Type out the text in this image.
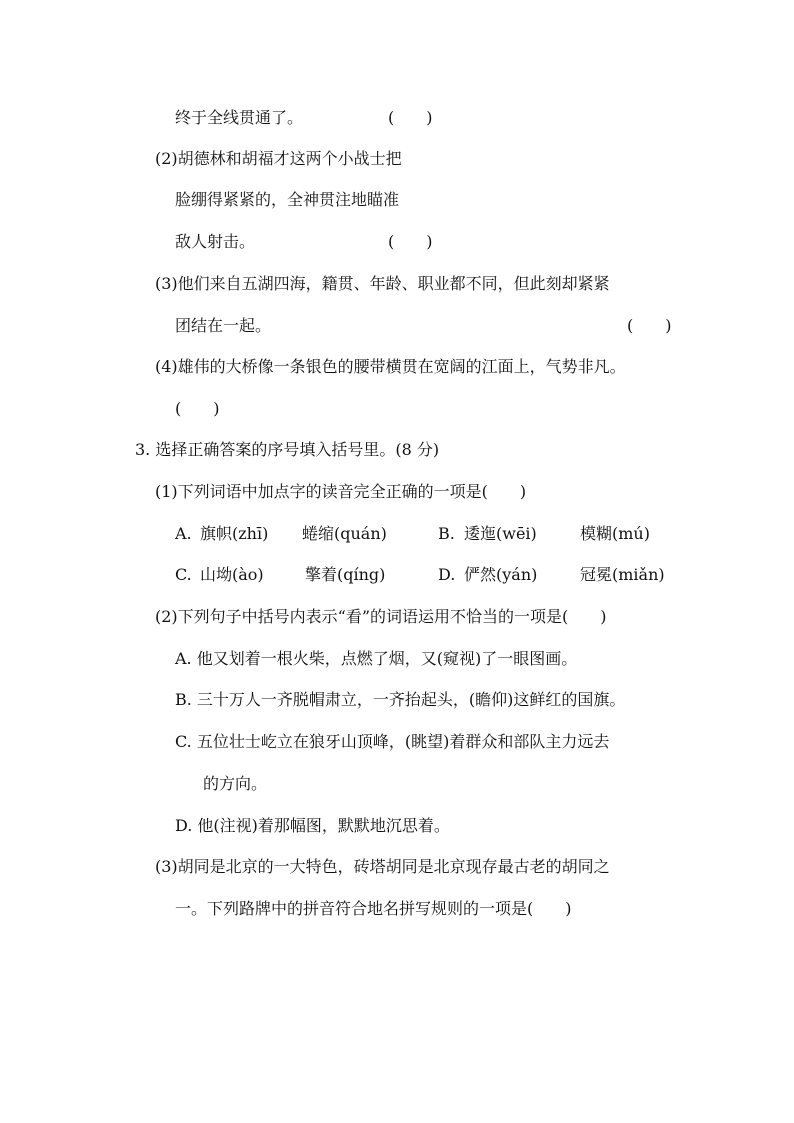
终于全线贯通了。	(　　)
(2)胡德林和胡福才这两个小战士把
脸绷得紧紧的，全神贯注地瞄准
敌人射击。	(　　)
(3)他们来自五湖四海，籍贯、年龄、职业都不同，但此刻却紧紧
团结在一起。	(　　)
(4)雄伟的大桥像一条银色的腰带横贯在宽阔的江面上，气势非凡。
(　　)
3. 选择正确答案的序号填入括号里。(8 分)
(1)下列词语中加点字的读音完全正确的一项是(　　)
A. 旗帜(zhī) 蜷缩(quán)	B. 逶迤(wēi)	模糊(mú)
C. 山坳(ào)	擎着(qíng)	D. 俨然(yán)	冠冕(miǎn)
(2)下列句子中括号内表示“看”的词语运用不恰当的一项是(　　)
A. 他又划着一根火柴，点燃了烟，又(窥视)了一眼图画。
B. 三十万人一齐脱帽肃立，一齐抬起头，(瞻仰)这鲜红的国旗。
C. 五位壮士屹立在狼牙山顶峰，(眺望)着群众和部队主力远去
的方向。
D. 他(注视)着那幅图，默默地沉思着。
(3)胡同是北京的一大特色，砖塔胡同是北京现存最古老的胡同之
一。下列路牌中的拼音符合地名拼写规则的一项是(　　)
